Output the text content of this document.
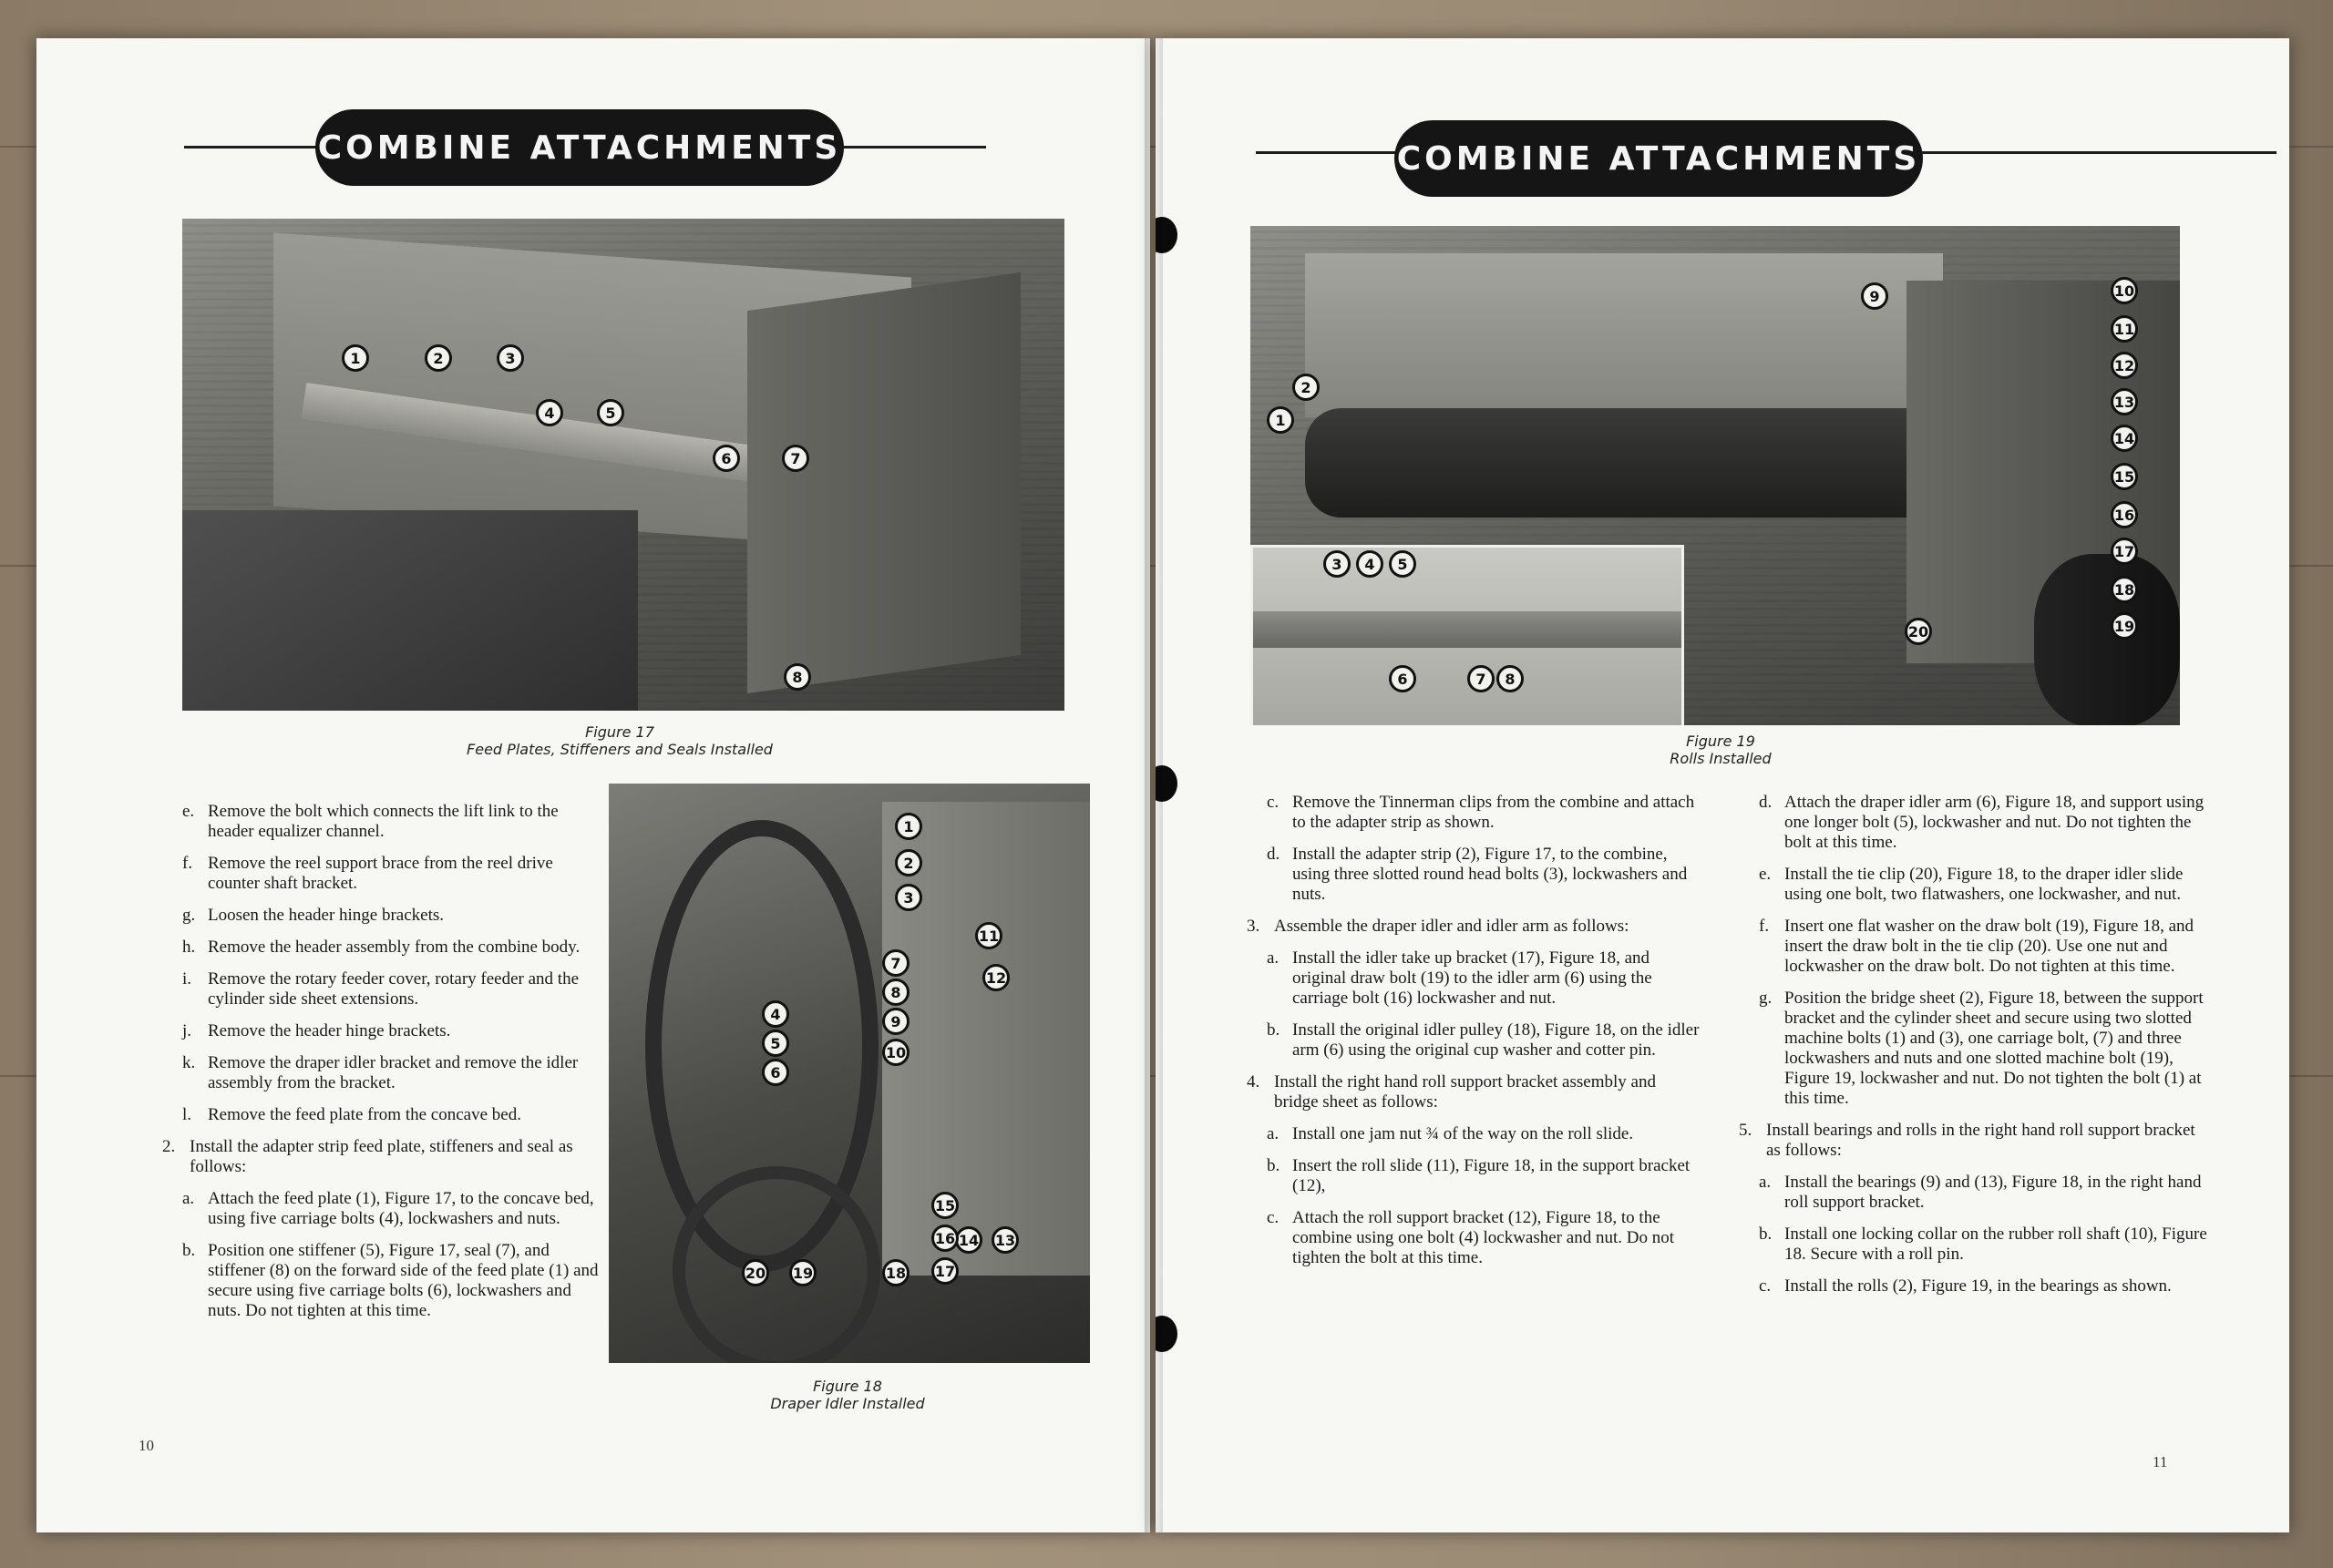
COMBINE ATTACHMENTS
1	2	3
4	5
6	7
8
Figure 17
Feed Plates, Stiffeners and Seals Installed
1
2
3
4
5
6
7
8
9
10
11
12
13
14
15
16
17
18
19
20
Figure 18
Draper Idler Installed
e. Remove the bolt which connects the lift link to the header equalizer channel.
f. Remove the reel support brace from the reel drive counter shaft bracket.
g. Loosen the header hinge brackets.
h. Remove the header assembly from the combine body.
i. Remove the rotary feeder cover, rotary feeder and the cylinder side sheet extensions.
j. Remove the header hinge brackets.
k. Remove the draper idler bracket and remove the idler assembly from the bracket.
l. Remove the feed plate from the concave bed.
2. Install the adapter strip feed plate, stiffeners and seal as follows:
a. Attach the feed plate (1), Figure 17, to the concave bed, using five carriage bolts (4), lockwashers and nuts.
b. Position one stiffener (5), Figure 17, seal (7), and stiffener (8) on the forward side of the feed plate (1) and secure using five carriage bolts (6), lockwashers and nuts. Do not tighten at this time.
10
COMBINE ATTACHMENTS
1
2
3	4	5
6	7	8
9	10
11
12
13
14
15
16
17
18
19
20
Figure 19
Rolls Installed
c. Remove the Tinnerman clips from the combine and attach to the adapter strip as shown.
d. Install the adapter strip (2), Figure 17, to the combine, using three slotted round head bolts (3), lockwashers and nuts.
3. Assemble the draper idler and idler arm as follows:
a. Install the idler take up bracket (17), Figure 18, and original draw bolt (19) to the idler arm (6) using the carriage bolt (16) lockwasher and nut.
b. Install the original idler pulley (18), Figure 18, on the idler arm (6) using the original cup washer and cotter pin.
4. Install the right hand roll support bracket assembly and bridge sheet as follows:
a. Install one jam nut ¾ of the way on the roll slide.
b. Insert the roll slide (11), Figure 18, in the support bracket (12),
c. Attach the roll support bracket (12), Figure 18, to the combine using one bolt (4) lockwasher and nut. Do not tighten the bolt at this time.
d. Attach the draper idler arm (6), Figure 18, and support using one longer bolt (5), lockwasher and nut. Do not tighten the bolt at this time.
e. Install the tie clip (20), Figure 18, to the draper idler slide using one bolt, two flatwashers, one lockwasher, and nut.
f. Insert one flat washer on the draw bolt (19), Figure 18, and insert the draw bolt in the tie clip (20). Use one nut and lockwasher on the draw bolt. Do not tighten at this time.
g. Position the bridge sheet (2), Figure 18, between the support bracket and the cylinder sheet and secure using two slotted machine bolts (1) and (3), one carriage bolt, (7) and three lockwashers and nuts and one slotted machine bolt (19), Figure 19, lockwasher and nut. Do not tighten the bolt (1) at this time.
5. Install bearings and rolls in the right hand roll support bracket as follows:
a. Install the bearings (9) and (13), Figure 18, in the right hand roll support bracket.
b. Install one locking collar on the rubber roll shaft (10), Figure 18. Secure with a roll pin.
c. Install the rolls (2), Figure 19, in the bearings as shown.
11
